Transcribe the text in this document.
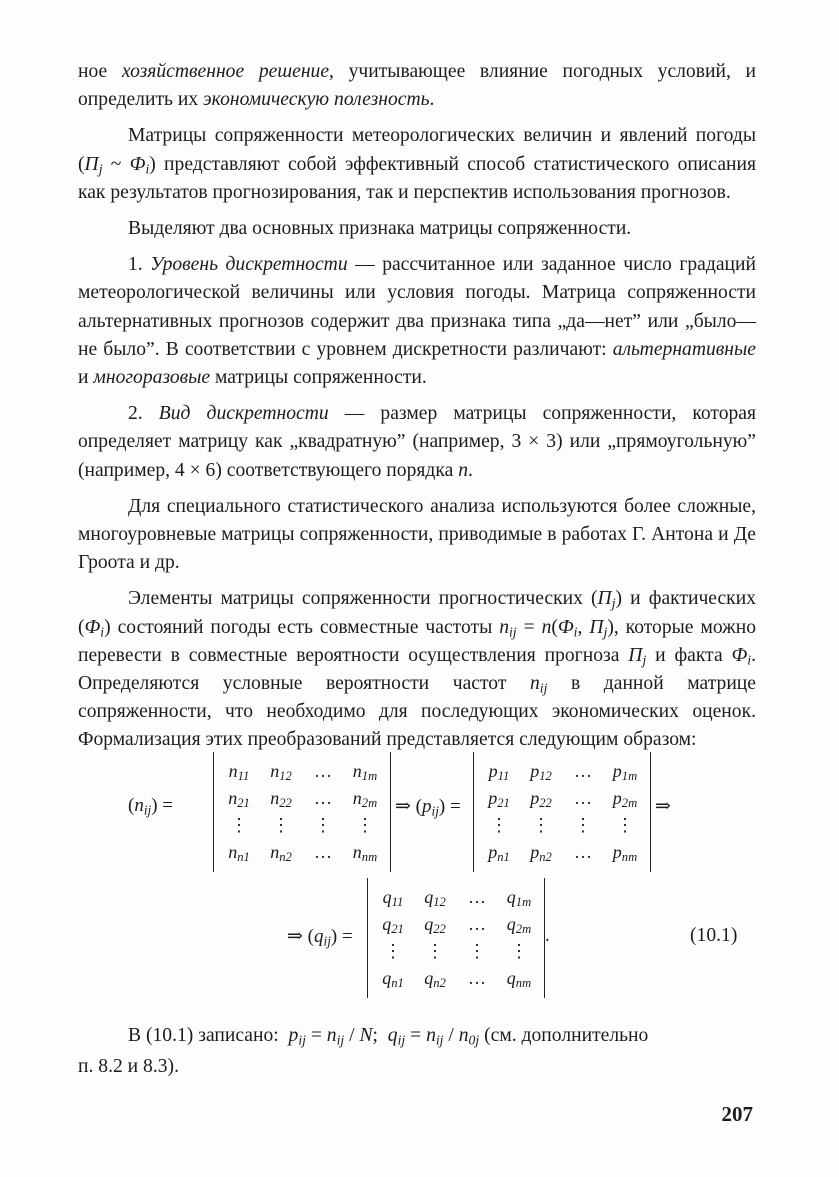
ное хозяйственное решение, учитывающее влияние погодных условий, и определить их экономическую полезность.

Матрицы сопряженности метеорологических величин и явлений погоды ($П_j$ ~ $Ф_i$) представляют собой эффективный способ статистического описания как результатов прогнозирования, так и перспектив использования прогнозов.

Выделяют два основных признака матрицы сопряженности.

1. Уровень дискретности — рассчитанное или заданное число градаций метеорологической величины или условия погоды. Матрица сопряженности альтернативных прогнозов содержит два признака типа „да—нет” или „было—не было”. В соответствии с уровнем дискретности различают: альтернативные и многоразовые матрицы сопряженности.

2. Вид дискретности — размер матрицы сопряженности, которая определяет матрицу как „квадратную” (например, 3 × 3) или „прямоугольную” (например, 4 × 6) соответствующего порядка n.

Для специального статистического анализа используются более сложные, многоуровневые матрицы сопряженности, приводимые в работах Г. Антона и Де Гроота и др.

Элементы матрицы сопряженности прогностических $(П_j)$ и фактических $(Ф_i)$ состояний погоды есть совместные частоты $n_{ij} = n(Ф_i$, $П_j$), которые можно перевести в совместные вероятности осуществления прогноза $П_j$ и факта $Ф_i$. Определяются условные вероятности частот $n_{ij}$ в данной матрице сопряженности, что необходимо для последующих экономических оценок. Формализация этих преобразований представляется следующим образом:

$(n_{ij})$ =
$n_{11}$	$n_{12}$	…	$n_{1m}$
$n_{21}$	$n_{22}$	…	$n_{2m}$
⋮	⋮	⋮	⋮
$n_{n1}$	$n_{n2}$	…	$n_{nm}$
⇒ $(p_{ij})$ =
$p_{11}$	$p_{12}$	…	$p_{1m}$
$p_{21}$	$p_{22}$	…	$p_{2m}$
⋮	⋮	⋮	⋮
$p_{n1}$	$p_{n2}$	…	$p_{nm}$
⇒
⇒ $(q_{ij})$ =
$q_{11}$	$q_{12}$	…	$q_{1m}$
$q_{21}$	$q_{22}$	…	$q_{2m}$
⋮	⋮	⋮	⋮
$q_{n1}$	$q_{n2}$	…	$q_{nm}$
.	(10.1)

В (10.1) записано:  $p_{ij} = n_{ij} / N$;  $q_{ij} = n_{ij} / n_{0j}$ (см. дополнительно

п. 8.2 и 8.3).

207
